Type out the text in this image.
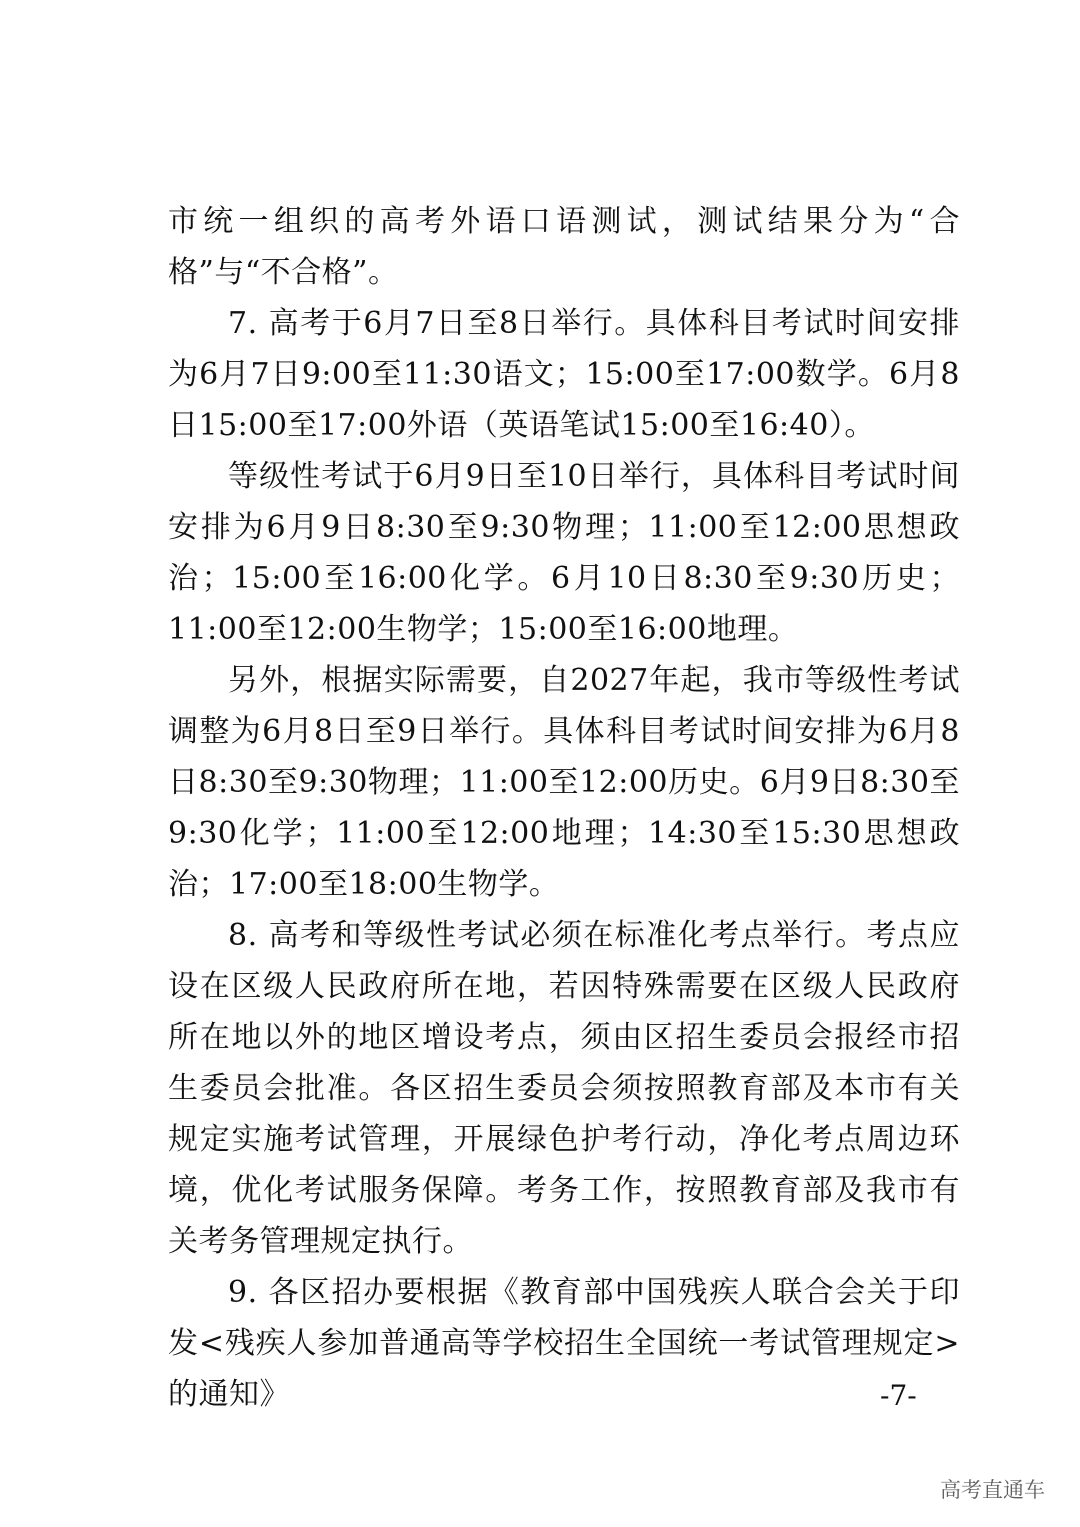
市统一组织的高考外语口语测试，测试结果分为“合格”与“不合格”。

7. 高考于6月7日至8日举行。具体科目考试时间安排为6月7日9:00至11:30语文；15:00至17:00数学。6月8日15:00至17:00外语（英语笔试15:00至16:40）。

等级性考试于6月9日至10日举行，具体科目考试时间安排为6月9日8:30至9:30物理；11:00至12:00思想政治；15:00至16:00化学。6月10日8:30至9:30历史；11:00至12:00生物学；15:00至16:00地理。

另外，根据实际需要，自2027年起，我市等级性考试调整为6月8日至9日举行。具体科目考试时间安排为6月8日8:30至9:30物理；11:00至12:00历史。6月9日8:30至9:30化学；11:00至12:00地理；14:30至15:30思想政治；17:00至18:00生物学。

8. 高考和等级性考试必须在标准化考点举行。考点应设在区级人民政府所在地，若因特殊需要在区级人民政府所在地以外的地区增设考点，须由区招生委员会报经市招生委员会批准。各区招生委员会须按照教育部及本市有关规定实施考试管理，开展绿色护考行动，净化考点周边环境，优化考试服务保障。考务工作，按照教育部及我市有关考务管理规定执行。

9. 各区招办要根据《教育部中国残疾人联合会关于印发<残疾人参加普通高等学校招生全国统一考试管理规定>的通知》	-7-
高考直通车
